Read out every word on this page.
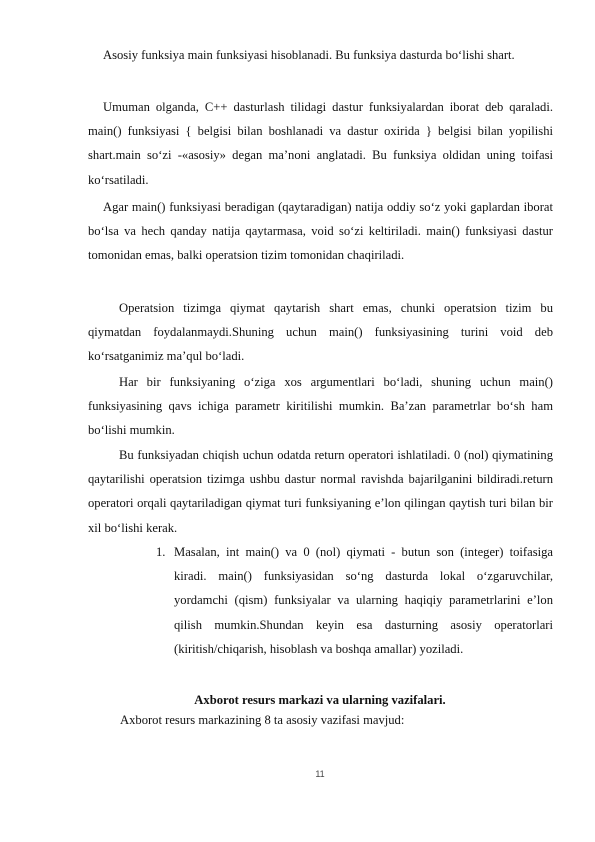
Asosiy funksiya main funksiyasi hisoblanadi. Bu funksiya dasturda bo‘lishi shart.

Umuman olganda, C++ dasturlash tilidagi dastur funksiyalardan iborat deb qaraladi. main() funksiyasi { belgisi bilan boshlanadi va dastur oxirida } belgisi bilan yopilishi shart.main so‘zi -«asosiy» degan ma’noni anglatadi. Bu funksiya oldidan uning toifasi ko‘rsatiladi.

Agar main() funksiyasi beradigan (qaytaradigan) natija oddiy so‘z yoki gaplardan iborat bo‘lsa va hech qanday natija qaytarmasa, void so‘zi keltiriladi. main() funksiyasi dastur tomonidan emas, balki operatsion tizim tomonidan chaqiriladi.

Operatsion tizimga qiymat qaytarish shart emas, chunki operatsion tizim bu qiymatdan foydalanmaydi.Shuning uchun main() funksiyasining turini void deb ko‘rsatganimiz ma’qul bo‘ladi.

Har bir funksiyaning o‘ziga xos argumentlari bo‘ladi, shuning uchun main() funksiyasining qavs ichiga parametr kiritilishi mumkin. Ba’zan parametrlar bo‘sh ham bo‘lishi mumkin.

Bu funksiyadan chiqish uchun odatda return operatori ishlatiladi. 0 (nol) qiymatining qaytarilishi operatsion tizimga ushbu dastur normal ravishda bajarilganini bildiradi.return operatori orqali qaytariladigan qiymat turi funksiyaning e’lon qilingan qaytish turi bilan bir xil bo‘lishi kerak.

1. Masalan, int main() va 0 (nol) qiymati - butun son (integer) toifasiga kiradi. main() funksiyasidan so‘ng dasturda lokal o‘zgaruvchilar, yordamchi (qism) funksiyalar va ularning haqiqiy parametrlarini e’lon qilish mumkin.Shundan keyin esa dasturning asosiy operatorlari (kiritish/chiqarish, hisoblash va boshqa amallar) yoziladi.
Axborot resurs markazi va ularning vazifalari.
Axborot resurs markazining 8 ta asosiy vazifasi mavjud:
11
